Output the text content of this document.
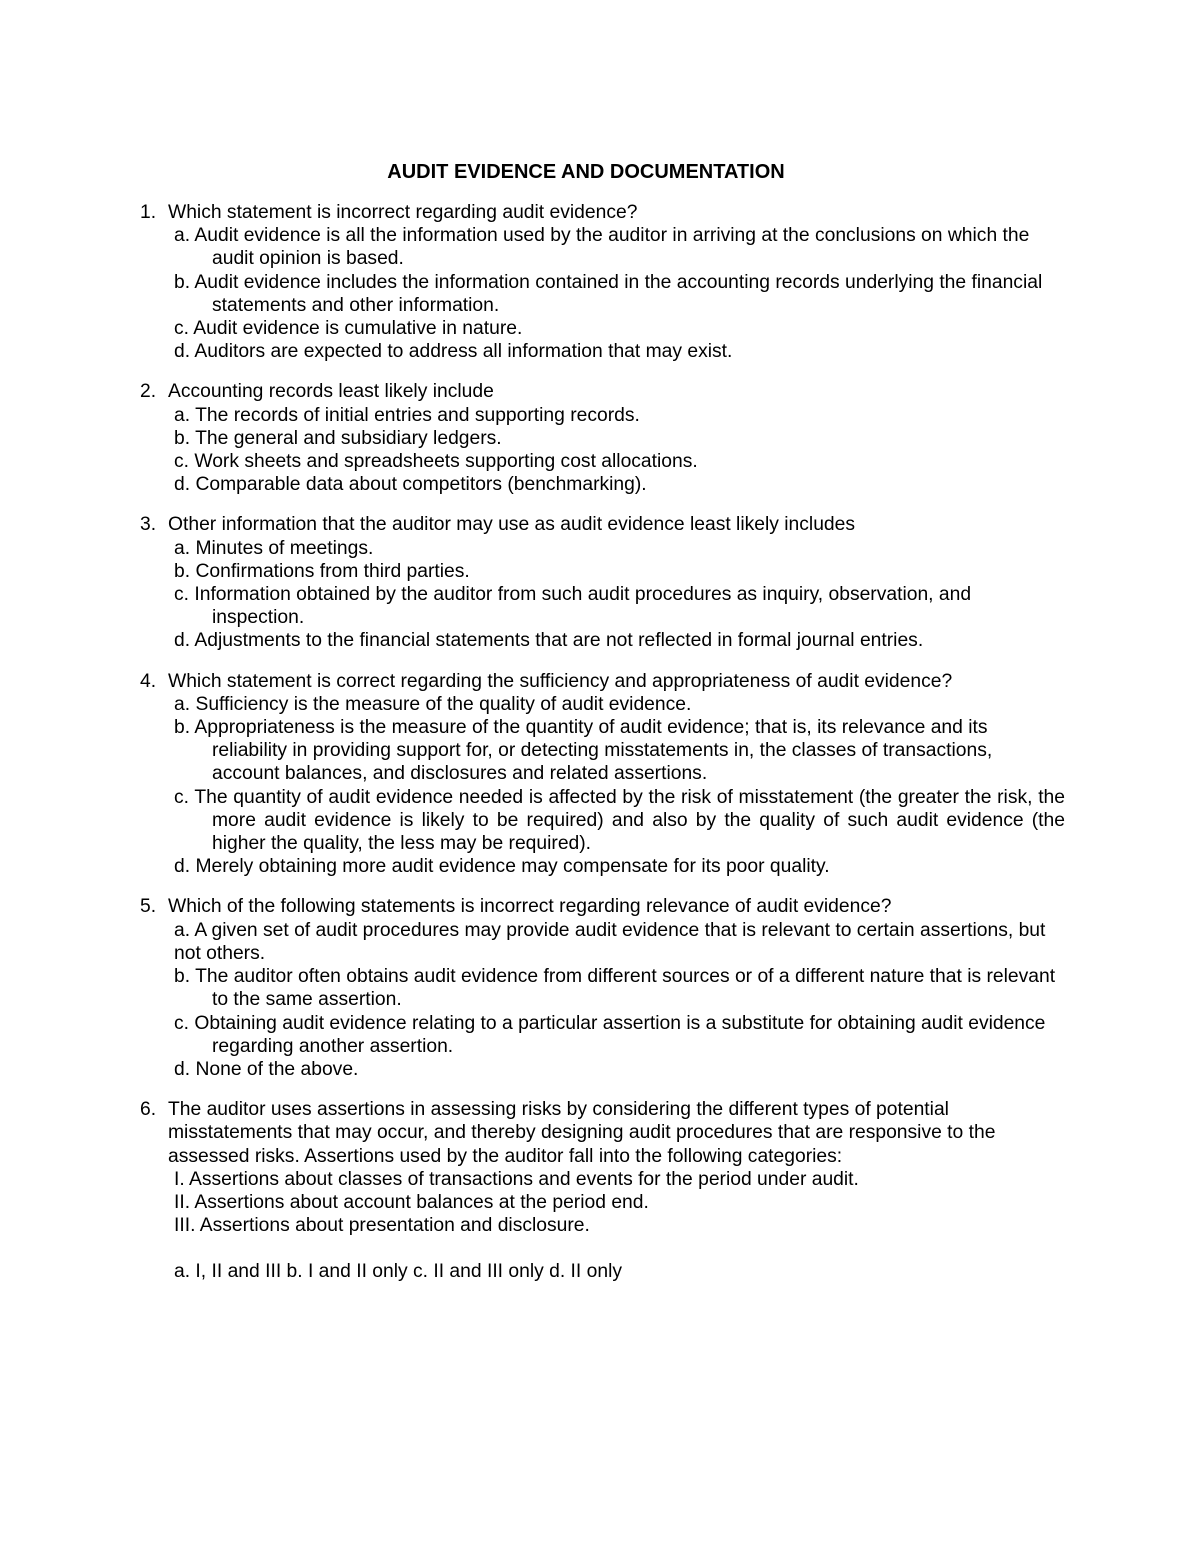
AUDIT EVIDENCE AND DOCUMENTATION
1. Which statement is incorrect regarding audit evidence?
a. Audit evidence is all the information used by the auditor in arriving at the conclusions on which the audit opinion is based.
b. Audit evidence includes the information contained in the accounting records underlying the financial statements and other information.
c. Audit evidence is cumulative in nature.
d. Auditors are expected to address all information that may exist.
2. Accounting records least likely include
a. The records of initial entries and supporting records.
b. The general and subsidiary ledgers.
c. Work sheets and spreadsheets supporting cost allocations.
d. Comparable data about competitors (benchmarking).
3. Other information that the auditor may use as audit evidence least likely includes
a. Minutes of meetings.
b. Confirmations from third parties.
c. Information obtained by the auditor from such audit procedures as inquiry, observation, and inspection.
d. Adjustments to the financial statements that are not reflected in formal journal entries.
4. Which statement is correct regarding the sufficiency and appropriateness of audit evidence?
a. Sufficiency is the measure of the quality of audit evidence.
b. Appropriateness is the measure of the quantity of audit evidence; that is, its relevance and its reliability in providing support for, or detecting misstatements in, the classes of transactions, account balances, and disclosures and related assertions.
c. The quantity of audit evidence needed is affected by the risk of misstatement (the greater the risk, the more audit evidence is likely to be required) and also by the quality of such audit evidence (the higher the quality, the less may be required).
d. Merely obtaining more audit evidence may compensate for its poor quality.
5. Which of the following statements is incorrect regarding relevance of audit evidence?
a. A given set of audit procedures may provide audit evidence that is relevant to certain assertions, but not others.
b. The auditor often obtains audit evidence from different sources or of a different nature that is relevant to the same assertion.
c. Obtaining audit evidence relating to a particular assertion is a substitute for obtaining audit evidence regarding another assertion.
d. None of the above.
6. The auditor uses assertions in assessing risks by considering the different types of potential misstatements that may occur, and thereby designing audit procedures that are responsive to the assessed risks. Assertions used by the auditor fall into the following categories:
I. Assertions about classes of transactions and events for the period under audit.
II. Assertions about account balances at the period end.
III. Assertions about presentation and disclosure.
a. I, II and III b. I and II only c. II and III only d. II only
